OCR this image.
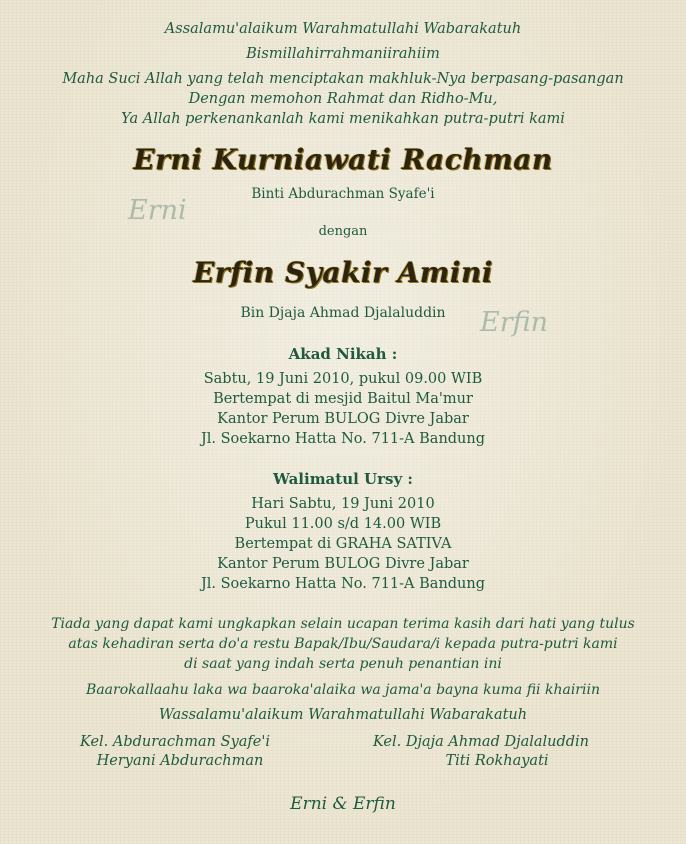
Assalamu'alaikum Warahmatullahi Wabarakatuh
Bismillahirrahmaniirahiim
Maha Suci Allah yang telah menciptakan makhluk-Nya berpasang-pasangan
Dengan memohon Rahmat dan Ridho-Mu,
Ya Allah perkenankanlah kami menikahkan putra-putri kami
Erni Kurniawati Rachman
Binti Abdurachman Syafe'i
Erni
dengan
Erfin Syakir Amini
Bin Djaja Ahmad Djalaluddin	Erfin
Akad Nikah :
Sabtu, 19 Juni 2010, pukul 09.00 WIB
Bertempat di mesjid Baitul Ma'mur
Kantor Perum BULOG Divre Jabar
Jl. Soekarno Hatta No. 711-A Bandung
Walimatul Ursy :
Hari Sabtu, 19 Juni 2010
Pukul 11.00 s/d 14.00 WIB
Bertempat di GRAHA SATIVA
Kantor Perum BULOG Divre Jabar
Jl. Soekarno Hatta No. 711-A Bandung
Tiada yang dapat kami ungkapkan selain ucapan terima kasih dari hati yang tulus
atas kehadiran serta do'a restu Bapak/Ibu/Saudara/i kepada putra-putri kami
di saat yang indah serta penuh penantian ini
Baarokallaahu laka wa baaroka'alaika wa jama'a bayna kuma fii khairiin
Wassalamu'alaikum Warahmatullahi Wabarakatuh
Kel. Abdurachman Syafe'i
Heryani Abdurachman
Kel. Djaja Ahmad Djalaluddin
Titi Rokhayati
Erni & Erfin
